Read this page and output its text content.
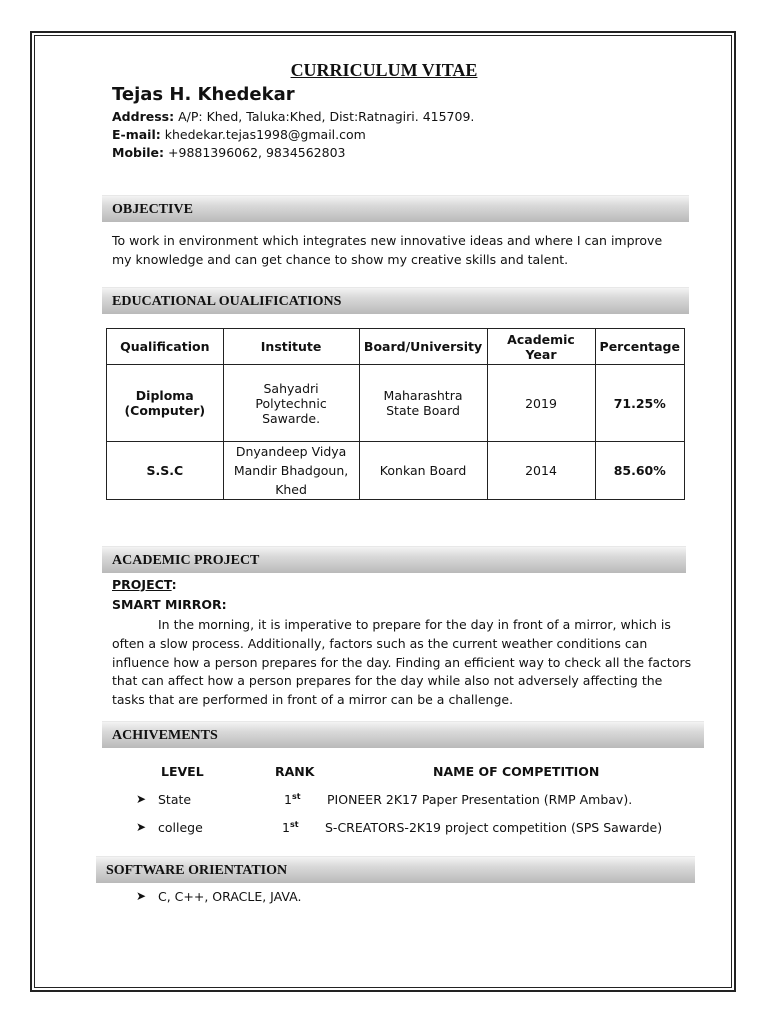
CURRICULUM VITAE
Tejas H. Khedekar
Address: A/P: Khed, Taluka:Khed, Dist:Ratnagiri. 415709.
E-mail: khedekar.tejas1998@gmail.com
Mobile: +9881396062, 9834562803
OBJECTIVE
To work in environment which integrates new innovative ideas and where I can improve
my knowledge and can get chance to show my creative skills and talent.
EDUCATIONAL OUALIFICATIONS
Qualification	Institute	Board/University	Academic Year	Percentage
Diploma (Computer)	Sahyadri Polytechnic Sawarde.	Maharashtra State Board	2019	71.25%
S.S.C	Dnyandeep Vidya Mandir Bhadgoun, Khed	Konkan Board	2014	85.60%
ACADEMIC PROJECT
PROJECT:
SMART MIRROR:
In the morning, it is imperative to prepare for the day in front of a mirror, which is
often a slow process. Additionally, factors such as the current weather conditions can
influence how a person prepares for the day. Finding an efficient way to check all the factors
that can affect how a person prepares for the day while also not adversely affecting the
tasks that are performed in front of a mirror can be a challenge.
ACHIVEMENTS
LEVEL	RANK	NAME OF COMPETITION
➤ State	1st PIONEER 2K17 Paper Presentation (RMP Ambav).
➤ college	1st S-CREATORS-2K19 project competition (SPS Sawarde)
SOFTWARE ORIENTATION
➤ C, C++, ORACLE, JAVA.
